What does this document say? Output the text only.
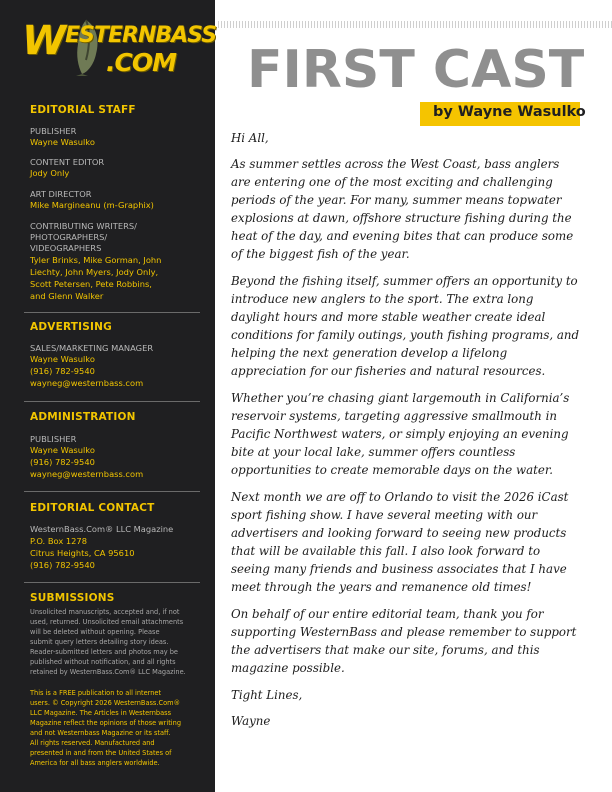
WESTERNBASS
.COM
EDITORIAL STAFF
PUBLISHER
Wayne Wasulko
CONTENT EDITOR
Jody Only
ART DIRECTOR
Mike Margineanu (m-Graphix)
CONTRIBUTING WRITERS/
PHOTOGRAPHERS/
VIDEOGRAPHERS
Tyler Brinks, Mike Gorman, John
Liechty, John Myers, Jody Only,
Scott Petersen, Pete Robbins,
and Glenn Walker
ADVERTISING
SALES/MARKETING MANAGER
Wayne Wasulko
(916) 782-9540
wayneg@westernbass.com
ADMINISTRATION
PUBLISHER
Wayne Wasulko
(916) 782-9540
wayneg@westernbass.com
EDITORIAL CONTACT
WesternBass.Com® LLC Magazine
P.O. Box 1278
Citrus Heights, CA 95610
(916) 782-9540
SUBMISSIONS
Unsolicited manuscripts, accepted and, if not
used, returned. Unsolicited email attachments
will be deleted without opening. Please
submit query letters detailing story ideas.
Reader-submitted letters and photos may be
published without notification, and all rights
retained by WesternBass.Com® LLC Magazine.
This is a FREE publication to all internet
users. © Copyright 2026 WesternBass.Com®
LLC Magazine. The Articles in Westernbass
Magazine reflect the opinions of those writing
and not Westernbass Magazine or its staff.
All rights reserved. Manufactured and
presented in and from the United States of
America for all bass anglers worldwide.
FIRST CAST
by Wayne Wasulko

Hi All,

As summer settles across the West Coast, bass anglers are entering one of the most exciting and challenging periods of the year. For many, summer means topwater explosions at dawn, offshore structure fishing during the heat of the day, and evening bites that can produce some of the biggest fish of the year.

Beyond the fishing itself, summer offers an opportunity to introduce new anglers to the sport. The extra long daylight hours and more stable weather create ideal conditions for family outings, youth fishing programs, and helping the next generation develop a lifelong appreciation for our fisheries and natural resources.

Whether you’re chasing giant largemouth in California’s reservoir systems, targeting aggressive smallmouth in Pacific Northwest waters, or simply enjoying an evening bite at your local lake, summer offers countless opportunities to create memorable days on the water.

Next month we are off to Orlando to visit the 2026 iCast sport fishing show. I have several meeting with our advertisers and looking forward to seeing new products that will be available this fall. I also look forward to seeing many friends and business associates that I have meet through the years and remanence old times!

On behalf of our entire editorial team, thank you for supporting WesternBass and please remember to support the advertisers that make our site, forums, and this magazine possible.

Tight Lines,

Wayne
